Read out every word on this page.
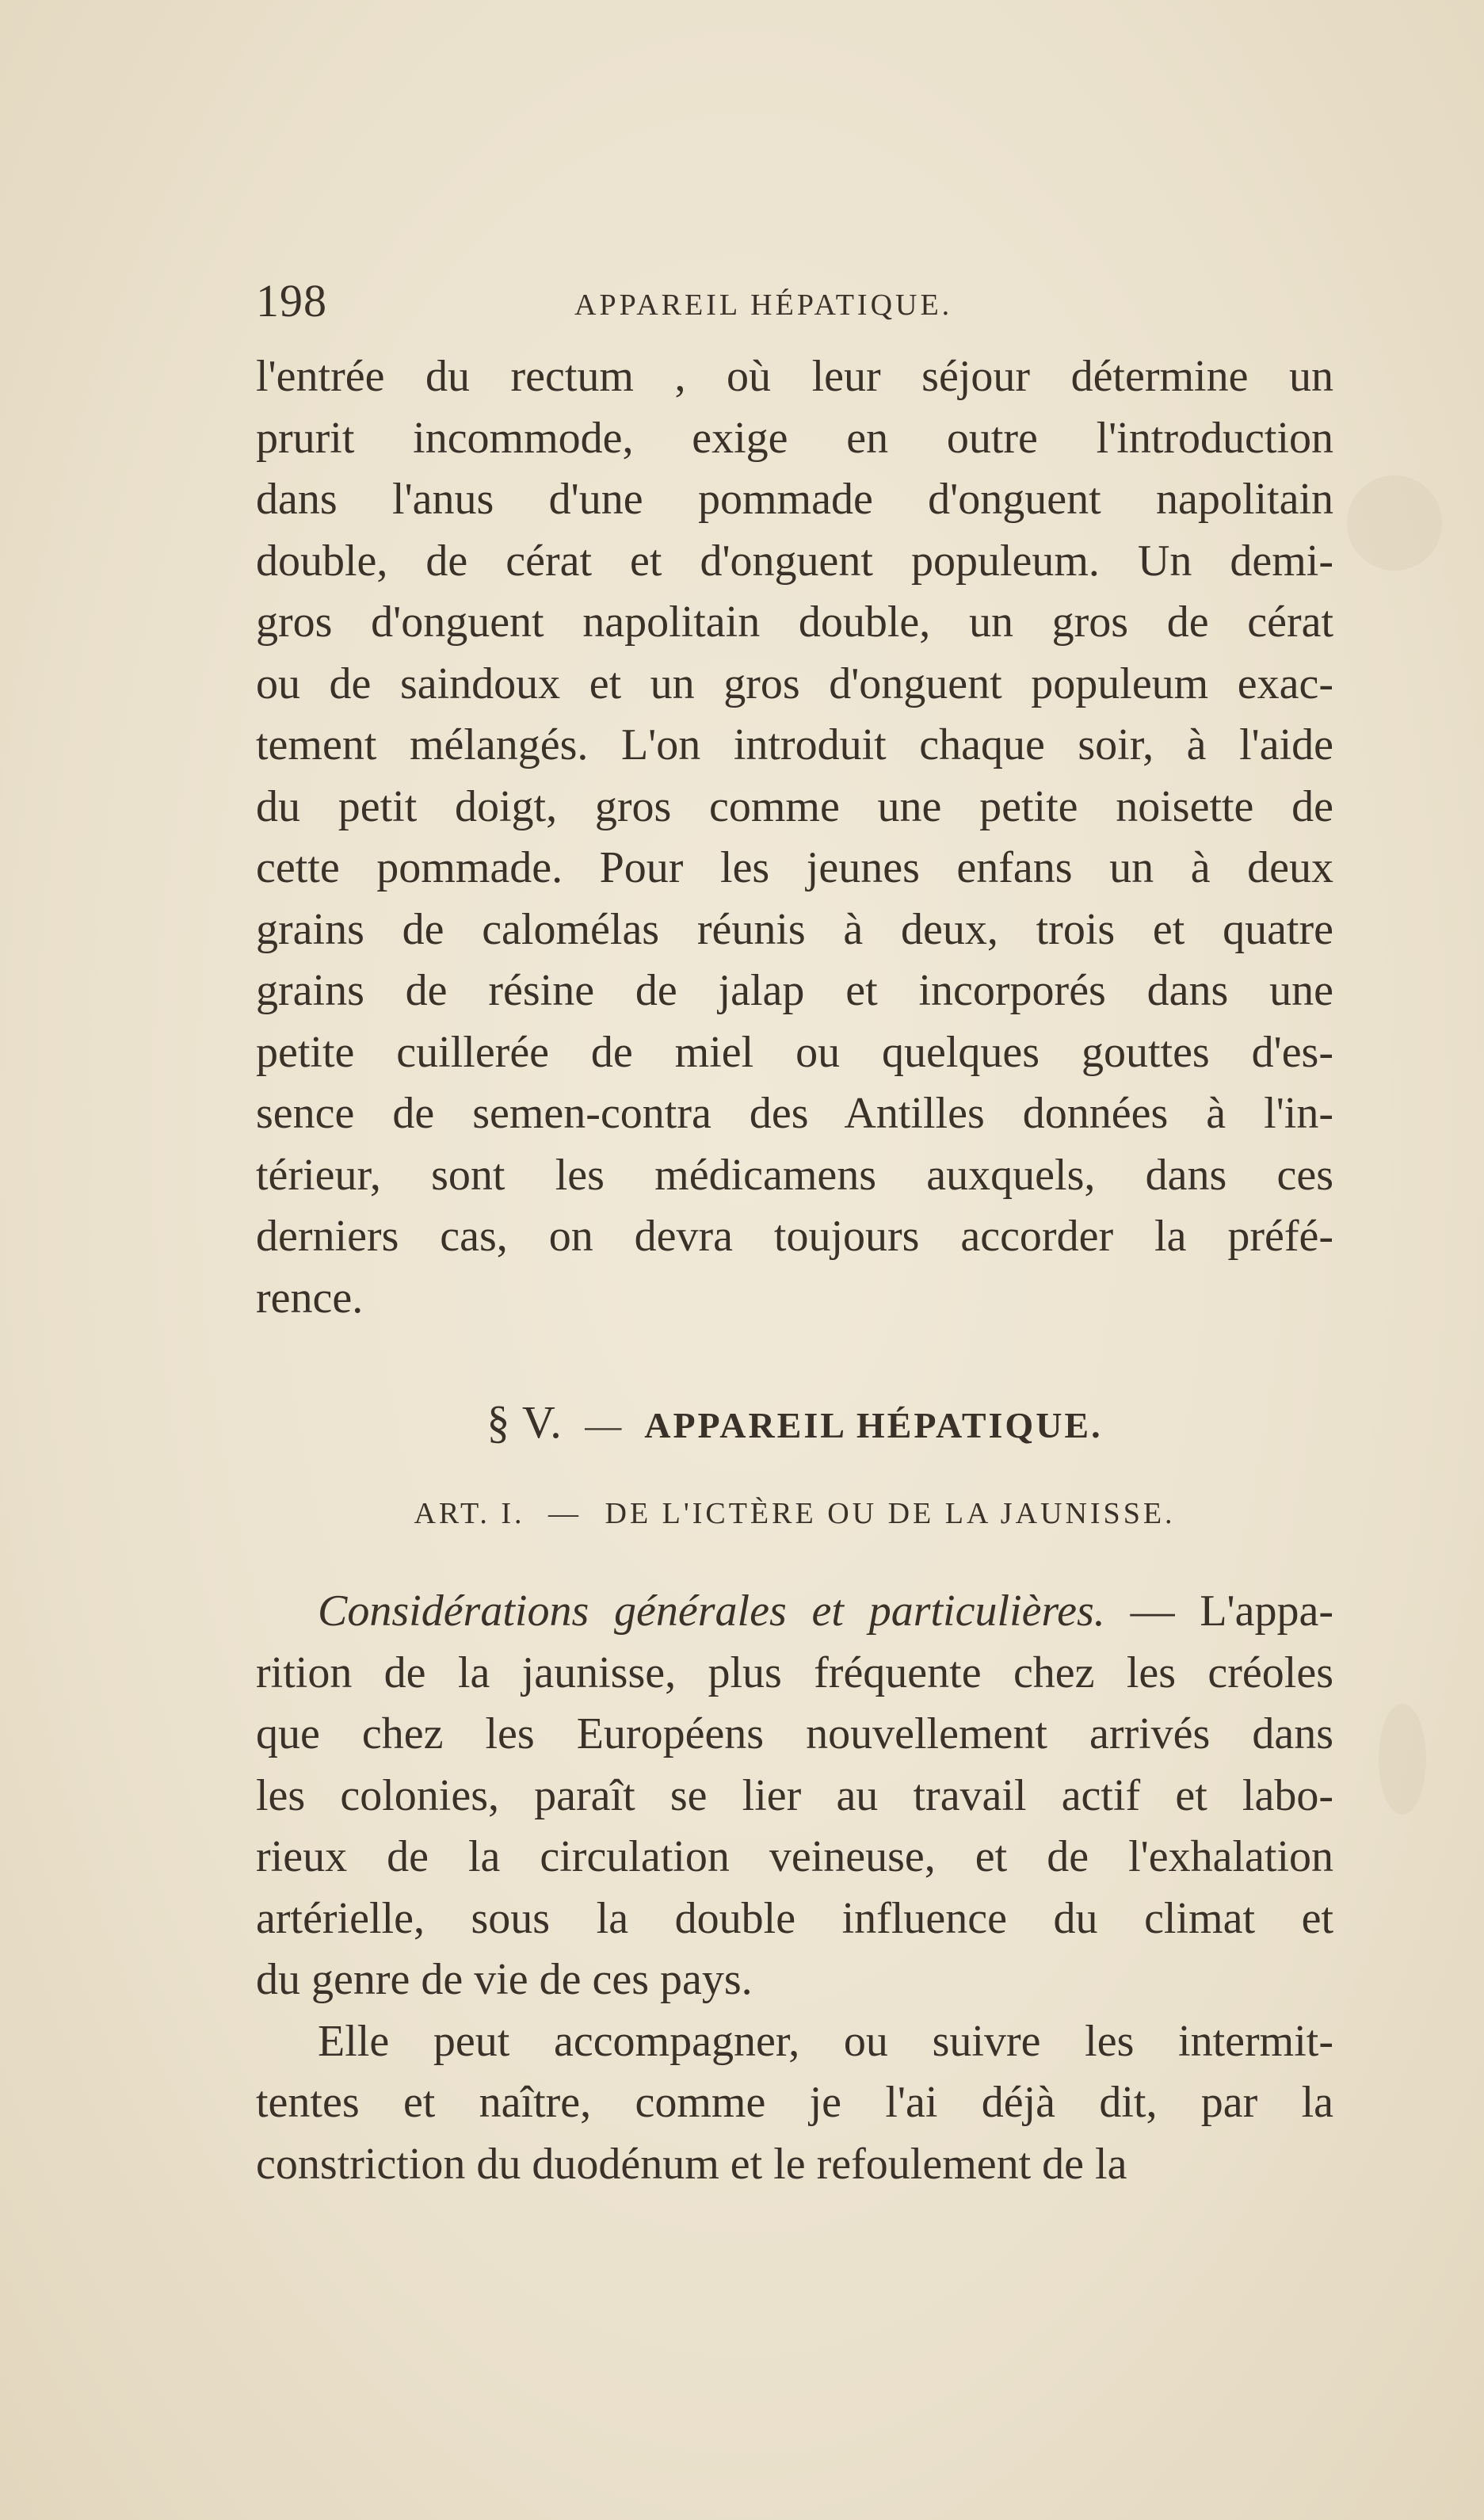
198	APPAREIL HÉPATIQUE.
l'entrée du rectum , où leur séjour détermine un
prurit incommode, exige en outre l'introduction
dans l'anus d'une pommade d'onguent napolitain
double, de cérat et d'onguent populeum. Un demi-
gros d'onguent napolitain double, un gros de cérat
ou de saindoux et un gros d'onguent populeum exac-
tement mélangés. L'on introduit chaque soir, à l'aide
du petit doigt, gros comme une petite noisette de
cette pommade. Pour les jeunes enfans un à deux
grains de calomélas réunis à deux, trois et quatre
grains de résine de jalap et incorporés dans une
petite cuillerée de miel ou quelques gouttes d'es-
sence de semen-contra des Antilles données à l'in-
térieur, sont les médicamens auxquels, dans ces
derniers cas, on devra toujours accorder la préfé-
rence.
§ V. — APPAREIL HÉPATIQUE.
ART. I. — DE L'ICTÈRE OU DE LA JAUNISSE.
Considérations générales et particulières. — L'appa-
rition de la jaunisse, plus fréquente chez les créoles
que chez les Européens nouvellement arrivés dans
les colonies, paraît se lier au travail actif et labo-
rieux de la circulation veineuse, et de l'exhalation
artérielle, sous la double influence du climat et
du genre de vie de ces pays.
Elle peut accompagner, ou suivre les intermit-
tentes et naître, comme je l'ai déjà dit, par la
constriction du duodénum et le refoulement de la
